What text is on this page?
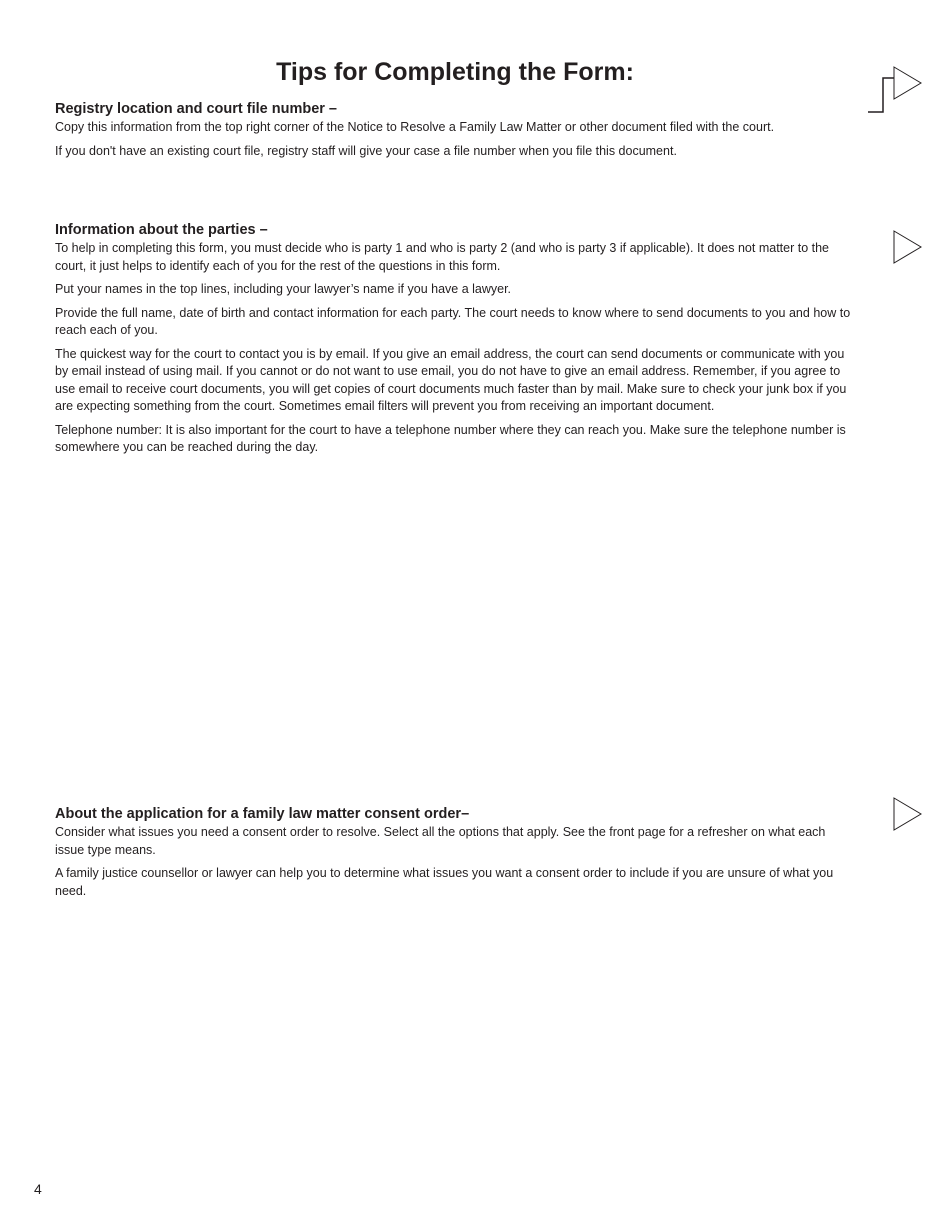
Tips for Completing the Form:
Registry location and court file number –

Copy this information from the top right corner of the Notice to Resolve a Family Law Matter or other document filed with the court.

If you don't have an existing court file, registry staff will give your case a file number when you file this document.

Information about the parties –

To help in completing this form, you must decide who is party 1 and who is party 2 (and who is party 3 if applicable). It does not matter to the court, it just helps to identify each of you for the rest of the questions in this form.

Put your names in the top lines, including your lawyer’s name if you have a lawyer.

Provide the full name, date of birth and contact information for each party. The court needs to know where to send documents to you and how to reach each of you.

The quickest way for the court to contact you is by email. If you give an email address, the court can send documents or communicate with you by email instead of using mail. If you cannot or do not want to use email, you do not have to give an email address. Remember, if you agree to use email to receive court documents, you will get copies of court documents much faster than by mail. Make sure to check your junk box if you are expecting something from the court. Sometimes email filters will prevent you from receiving an important document.

Telephone number: It is also important for the court to have a telephone number where they can reach you. Make sure the telephone number is somewhere you can be reached during the day.

About the application for a family law matter consent order–

Consider what issues you need a consent order to resolve. Select all the options that apply. See the front page for a refresher on what each issue type means.

A family justice counsellor or lawyer can help you to determine what issues you want a consent order to include if you are unsure of what you need.

4
